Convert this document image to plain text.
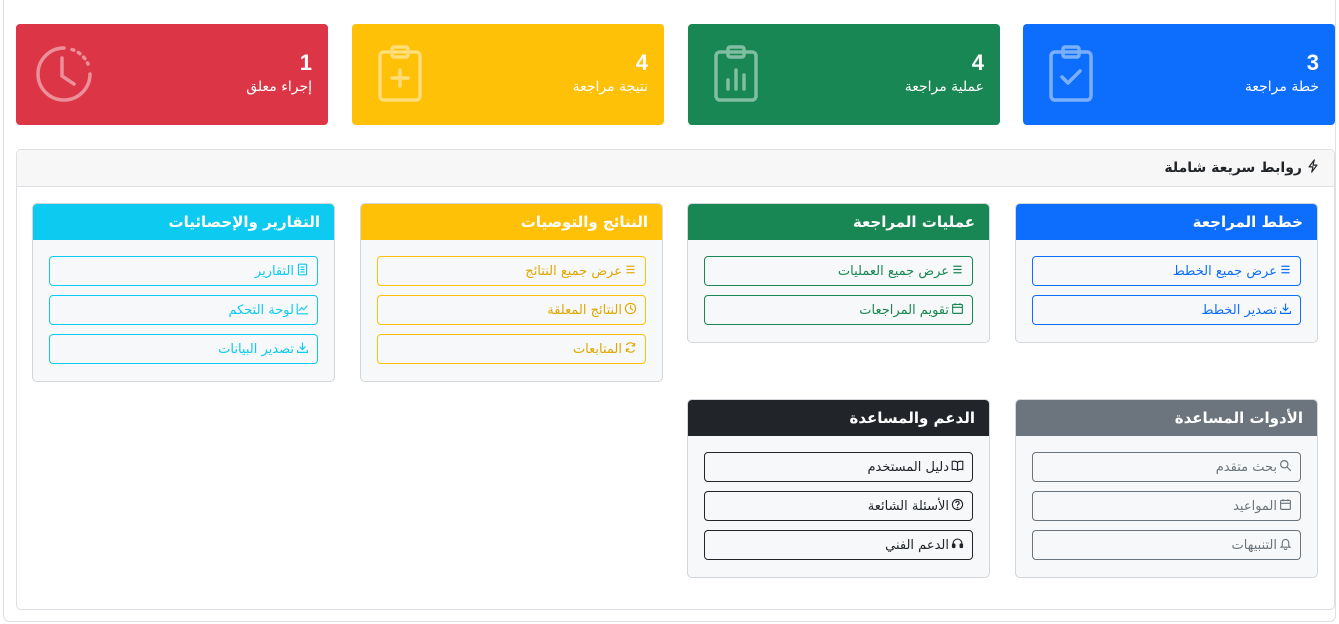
3
خطة مراجعة
4
عملية مراجعة
4
نتيجة مراجعة
1
إجراء معلق
روابط سريعة شاملة
خطط المراجعة
عرض جميع الخطط
تصدير الخطط
عمليات المراجعة
عرض جميع العمليات
تقويم المراجعات
النتائج والتوصيات
عرض جميع النتائج
النتائج المعلقة
المتابعات
التقارير والإحصائيات
التقارير
لوحة التحكم
تصدير البيانات
الأدوات المساعدة
بحث متقدم
المواعيد
التنبيهات
الدعم والمساعدة
دليل المستخدم
الأسئلة الشائعة
الدعم الفني
